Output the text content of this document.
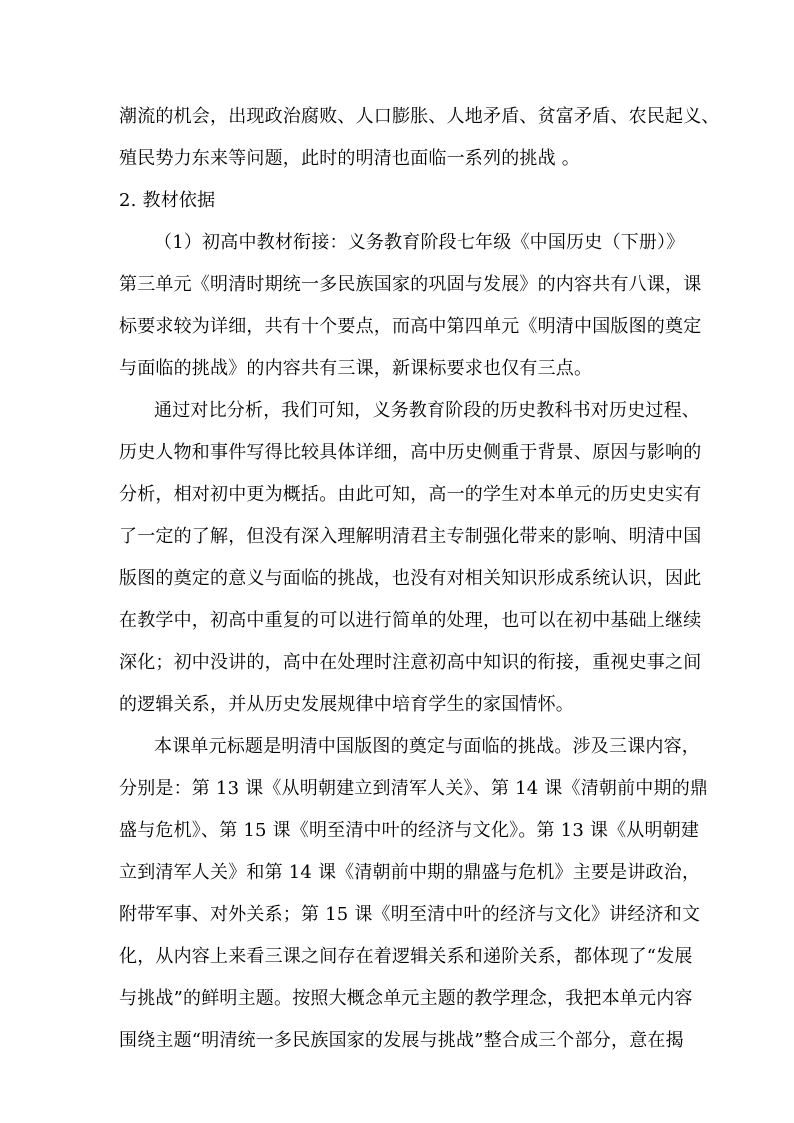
潮流的机会，出现政治腐败、人口膨胀、人地矛盾、贫富矛盾、农民起义、
殖民势力东来等问题，此时的明清也面临一系列的挑战 。
2. 教材依据
（1）初高中教材衔接：义务教育阶段七年级《中国历史（下册）》
第三单元《明清时期统一多民族国家的巩固与发展》的内容共有八课，课
标要求较为详细，共有十个要点，而高中第四单元《明清中国版图的奠定
与面临的挑战》的内容共有三课，新课标要求也仅有三点。
通过对比分析，我们可知，义务教育阶段的历史教科书对历史过程、
历史人物和事件写得比较具体详细，高中历史侧重于背景、原因与影响的
分析，相对初中更为概括。由此可知，高一的学生对本单元的历史史实有
了一定的了解，但没有深入理解明清君主专制强化带来的影响、明清中国
版图的奠定的意义与面临的挑战，也没有对相关知识形成系统认识，因此
在教学中，初高中重复的可以进行简单的处理，也可以在初中基础上继续
深化；初中没讲的，高中在处理时注意初高中知识的衔接，重视史事之间
的逻辑关系，并从历史发展规律中培育学生的家国情怀。
本课单元标题是明清中国版图的奠定与面临的挑战。涉及三课内容，
分别是：第 13 课《从明朝建立到清军人关》、第 14 课《清朝前中期的鼎
盛与危机》、第 15 课《明至清中叶的经济与文化》。第 13 课《从明朝建
立到清军人关》和第 14 课《清朝前中期的鼎盛与危机》主要是讲政治，
附带军事、对外关系；第 15 课《明至清中叶的经济与文化》讲经济和文
化，从内容上来看三课之间存在着逻辑关系和递阶关系，都体现了“发展
与挑战”的鲜明主题。按照大概念单元主题的教学理念，我把本单元内容
围绕主题“明清统一多民族国家的发展与挑战”整合成三个部分，意在揭
